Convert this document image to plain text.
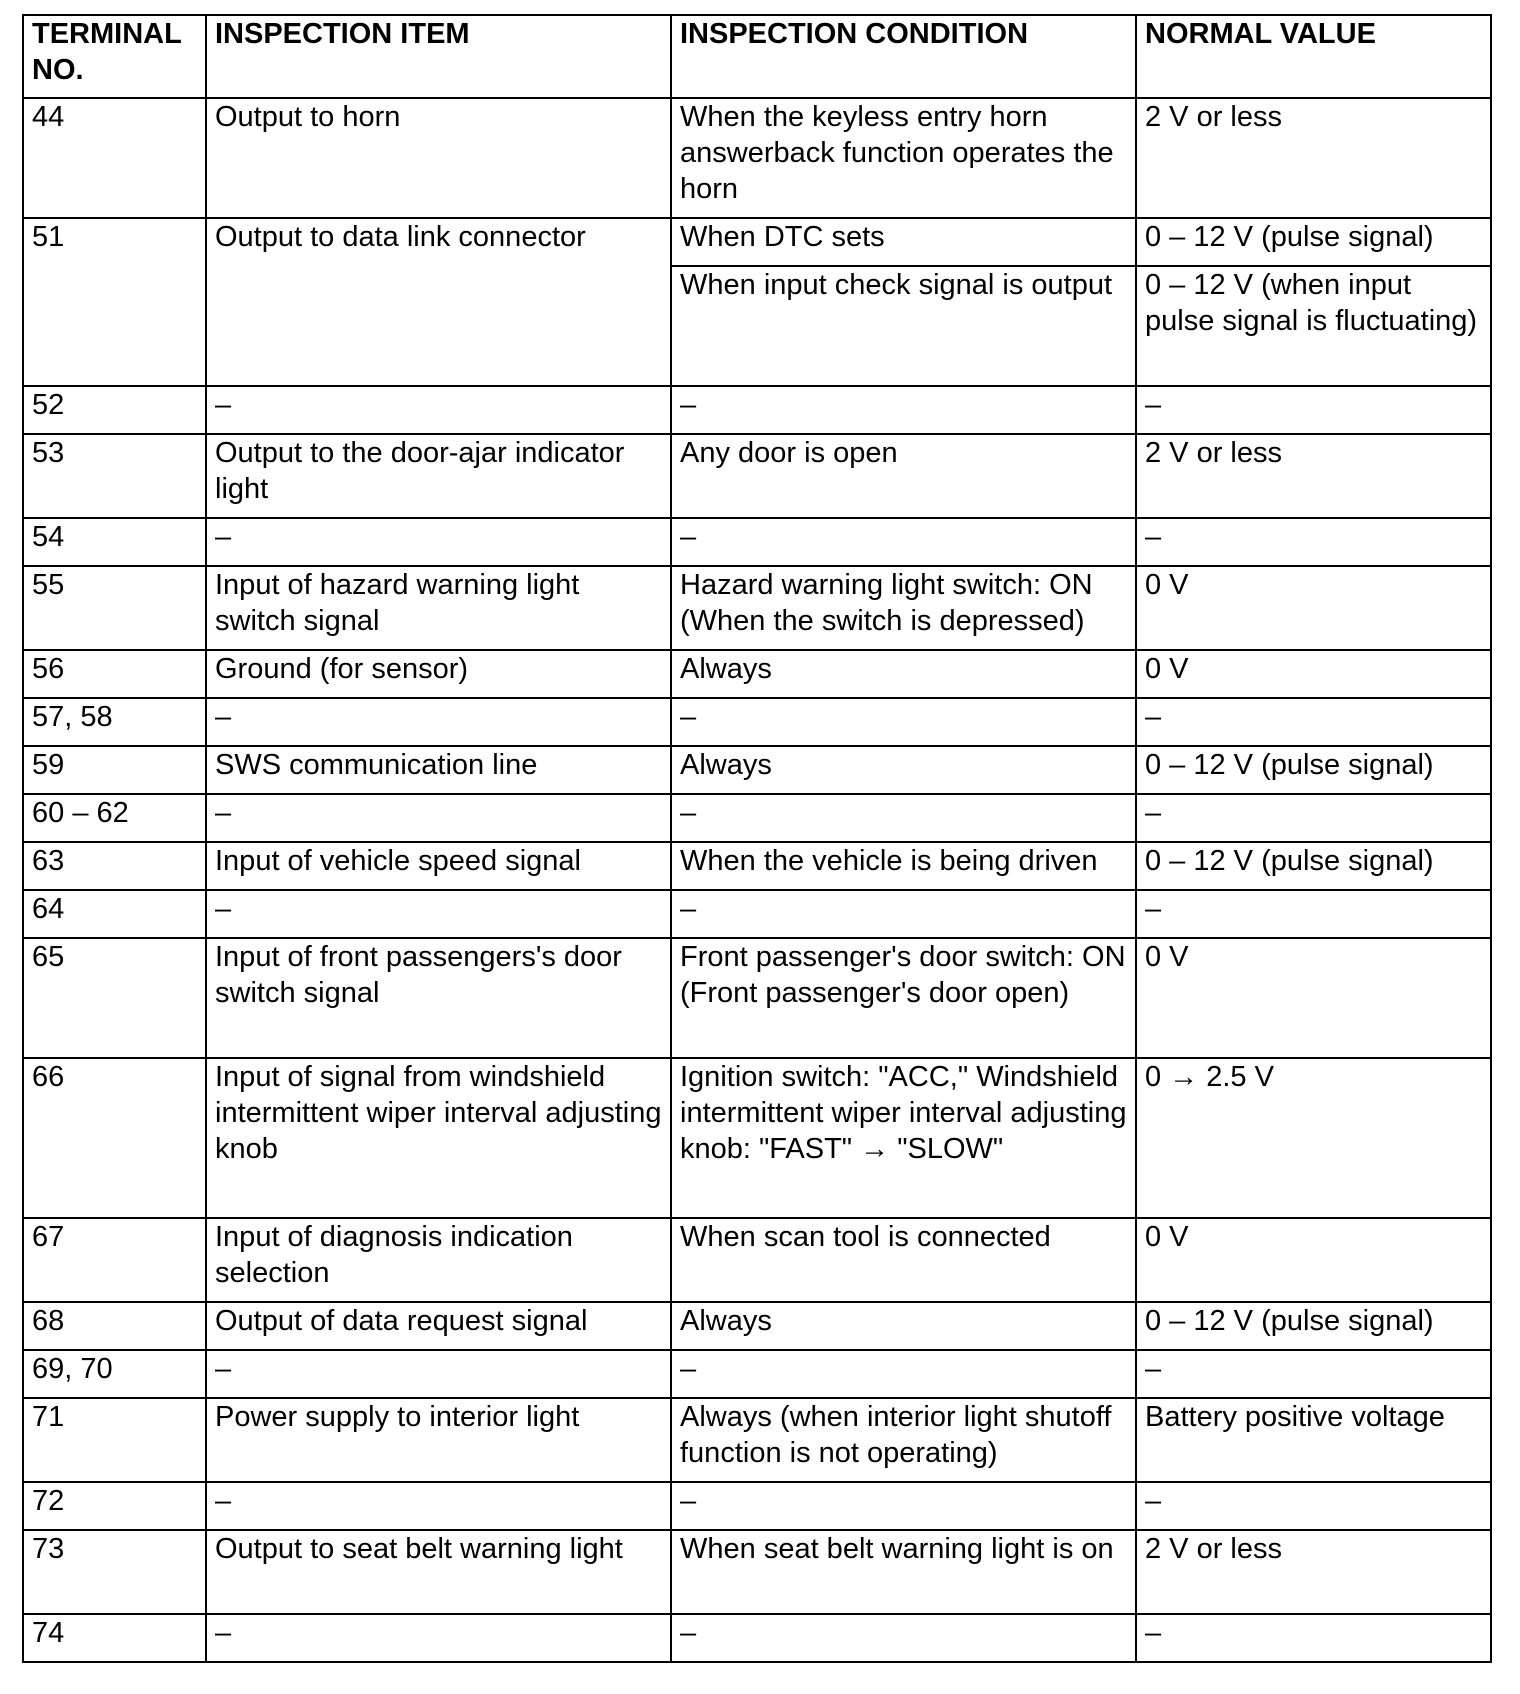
TERMINAL NO.	INSPECTION ITEM	INSPECTION CONDITION	NORMAL VALUE
44	Output to horn	When the keyless entry horn answerback function operates the horn	2 V or less
51	Output to data link connector	When DTC sets	0 – 12 V (pulse signal)
		When input check signal is output	0 – 12 V (when input pulse signal is fluctuating)
52	–	–	–
53	Output to the door-ajar indicator light	Any door is open	2 V or less
54	–	–	–
55	Input of hazard warning light switch signal	Hazard warning light switch: ON (When the switch is depressed)	0 V
56	Ground (for sensor)	Always	0 V
57, 58	–	–	–
59	SWS communication line	Always	0 – 12 V (pulse signal)
60 – 62	–	–	–
63	Input of vehicle speed signal	When the vehicle is being driven	0 – 12 V (pulse signal)
64	–	–	–
65	Input of front passengers's door switch signal	Front passenger's door switch: ON (Front passenger's door open)	0 V
66	Input of signal from windshield intermittent wiper interval adjusting knob	Ignition switch: "ACC," Windshield intermittent wiper interval adjusting knob: "FAST" → "SLOW"	0 → 2.5 V
67	Input of diagnosis indication selection	When scan tool is connected	0 V
68	Output of data request signal	Always	0 – 12 V (pulse signal)
69, 70	–	–	–
71	Power supply to interior light	Always (when interior light shutoff function is not operating)	Battery positive voltage
72	–	–	–
73	Output to seat belt warning light	When seat belt warning light is on	2 V or less
74	–	–	–
